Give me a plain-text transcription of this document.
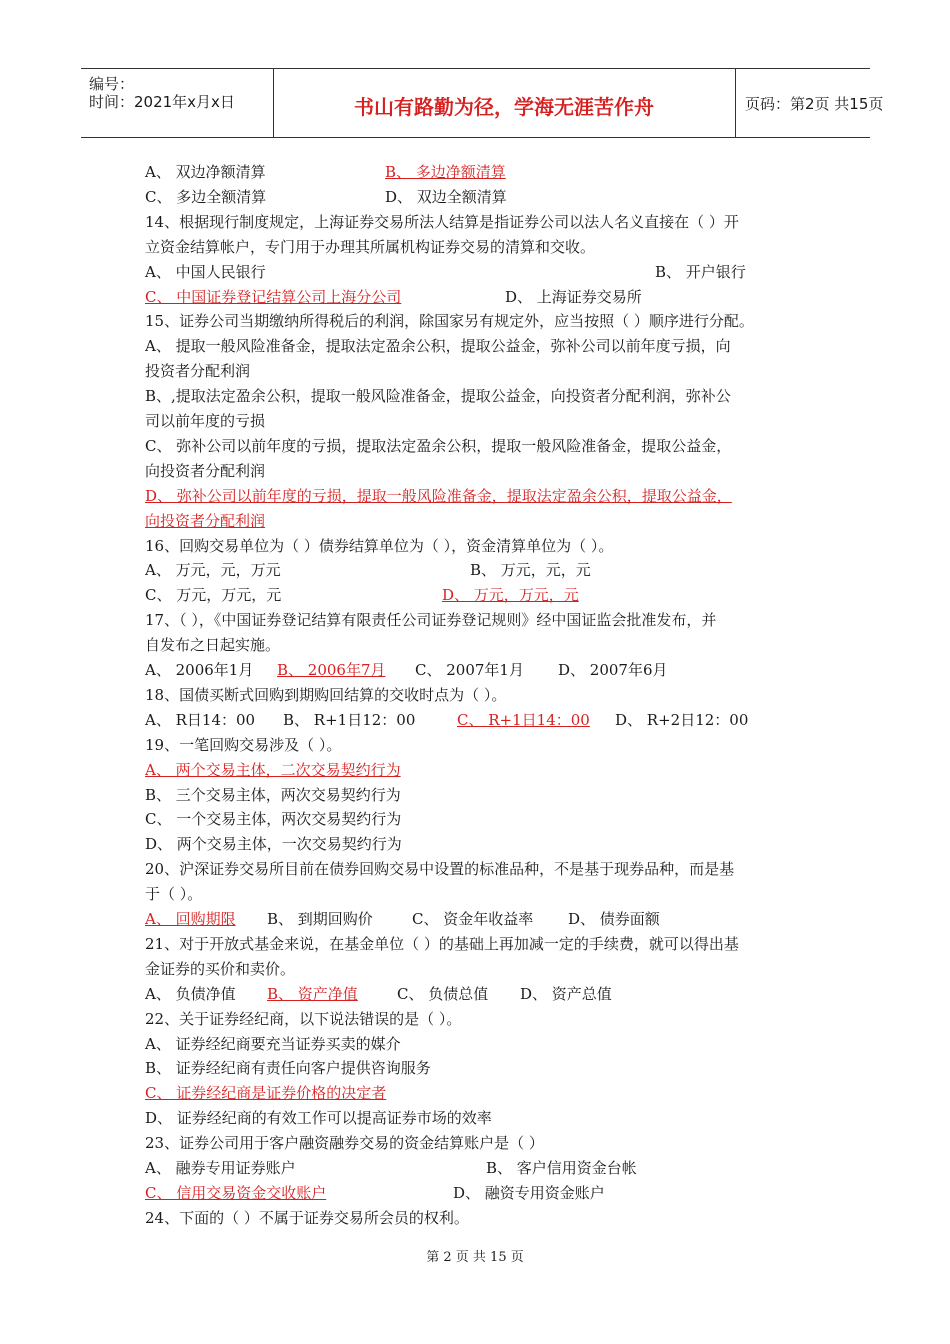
编号：
时间：2021年x月x日	书山有路勤为径，学海无涯苦作舟	页码：第2页 共15页
A、 双边净额清算	B、 多边净额清算
C、 多边全额清算	D、 双边全额清算
14、根据现行制度规定，上海证券交易所法人结算是指证券公司以法人名义直接在（ ）开
立资金结算帐户，专门用于办理其所属机构证券交易的清算和交收。
A、 中国人民银行	B、 开户银行
C、 中国证券登记结算公司上海分公司	D、 上海证券交易所
15、证券公司当期缴纳所得税后的利润，除国家另有规定外，应当按照（ ）顺序进行分配。
A、 提取一般风险准备金，提取法定盈余公积，提取公益金，弥补公司以前年度亏损，向
投资者分配利润
B、,提取法定盈余公积，提取一般风险准备金，提取公益金，向投资者分配利润，弥补公
司以前年度的亏损
C、 弥补公司以前年度的亏损，提取法定盈余公积，提取一般风险准备金，提取公益金，
向投资者分配利润
D、 弥补公司以前年度的亏损，提取一般风险准备金，提取法定盈余公积，提取公益金，
向投资者分配利润
16、回购交易单位为（ ）债券结算单位为（ ），资金清算单位为（ ）。
A、 万元，元，万元	B、 万元，元，元
C、 万元，万元，元	D、 万元，万元，元
17、（ ），《中国证券登记结算有限责任公司证券登记规则》经中国证监会批准发布，并
自发布之日起实施。
A、 2006年1月 B、 2006年7月 C、 2007年1月 D、 2007年6月
18、国债买断式回购到期购回结算的交收时点为（ ）。
A、 R日14：00 B、 R+1日12：00	C、 R+1日14：00 D、 R+2日12：00
19、一笔回购交易涉及（ ）。
A、 两个交易主体，二次交易契约行为
B、 三个交易主体，两次交易契约行为
C、 一个交易主体，两次交易契约行为
D、 两个交易主体，一次交易契约行为
20、沪深证券交易所目前在债券回购交易中设置的标准品种，不是基于现券品种，而是基
于（ ）。
A、 回购期限 B、 到期回购价	C、 资金年收益率 D、 债券面额
21、对于开放式基金来说，在基金单位（ ）的基础上再加减一定的手续费，就可以得出基
金证券的买价和卖价。
A、 负债净值 B、 资产净值	C、 负债总值 D、 资产总值
22、关于证券经纪商，以下说法错误的是（ ）。
A、 证券经纪商要充当证券买卖的媒介
B、 证券经纪商有责任向客户提供咨询服务
C、 证券经纪商是证券价格的决定者
D、 证券经纪商的有效工作可以提高证券市场的效率
23、证券公司用于客户融资融券交易的资金结算账户是（ ）
A、 融券专用证券账户	B、 客户信用资金台帐
C、 信用交易资金交收账户	D、 融资专用资金账户
24、下面的（ ）不属于证券交易所会员的权利。
第 2 页 共 15 页
